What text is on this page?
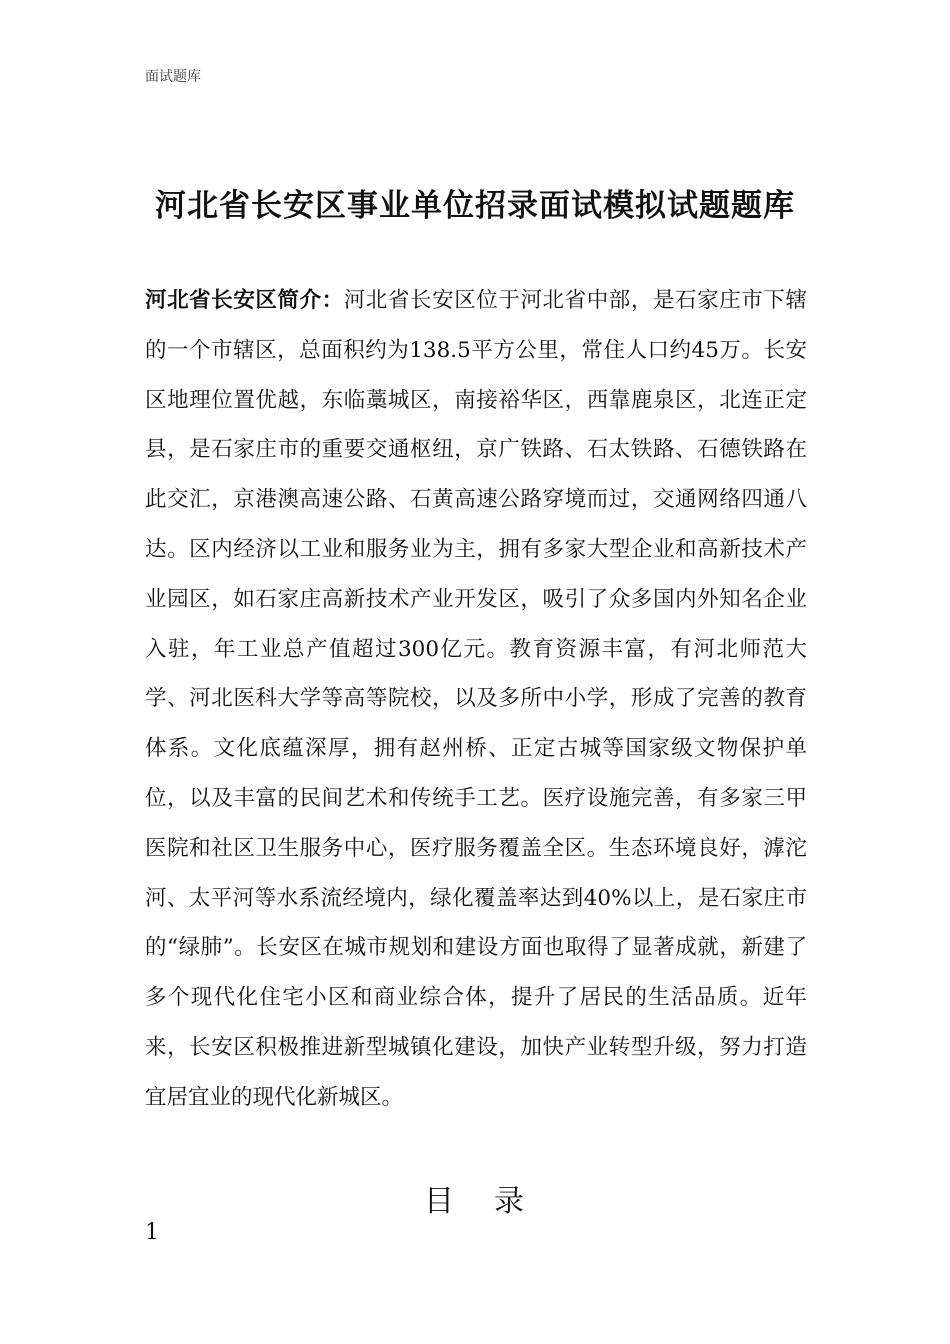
面试题库
河北省长安区事业单位招录面试模拟试题题库

河北省长安区简介：河北省长安区位于河北省中部，是石家庄市下辖的一个市辖区，总面积约为138.5平方公里，常住人口约45万。长安区地理位置优越，东临藁城区，南接裕华区，西靠鹿泉区，北连正定县，是石家庄市的重要交通枢纽，京广铁路、石太铁路、石德铁路在此交汇，京港澳高速公路、石黄高速公路穿境而过，交通网络四通八达。区内经济以工业和服务业为主，拥有多家大型企业和高新技术产业园区，如石家庄高新技术产业开发区，吸引了众多国内外知名企业入驻，年工业总产值超过300亿元。教育资源丰富，有河北师范大学、河北医科大学等高等院校，以及多所中小学，形成了完善的教育体系。文化底蕴深厚，拥有赵州桥、正定古城等国家级文物保护单位，以及丰富的民间艺术和传统手工艺。医疗设施完善，有多家三甲医院和社区卫生服务中心，医疗服务覆盖全区。生态环境良好，滹沱河、太平河等水系流经境内，绿化覆盖率达到40%以上，是石家庄市的“绿肺”。长安区在城市规划和建设方面也取得了显著成就，新建了多个现代化住宅小区和商业综合体，提升了居民的生活品质。近年来，长安区积极推进新型城镇化建设，加快产业转型升级，努力打造宜居宜业的现代化新城区。

目 录
1
